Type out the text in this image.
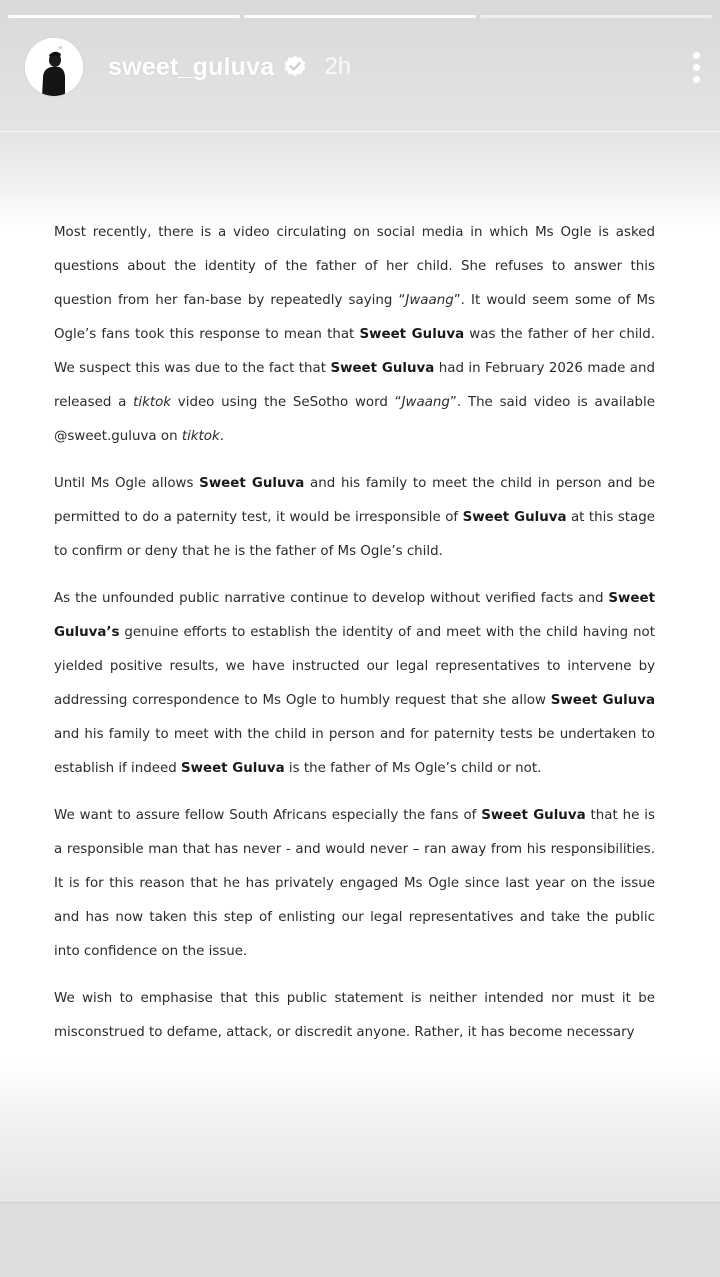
sweet_guluva 2h

Most recently, there is a video circulating on social media in which Ms Ogle is asked questions about the identity of the father of her child. She refuses to answer this question from her fan-base by repeatedly saying “Jwaang”. It would seem some of Ms Ogle’s fans took this response to mean that Sweet Guluva was the father of her child. We suspect this was due to the fact that Sweet Guluva had in February 2026 made and released a tiktok video using the SeSotho word “Jwaang”. The said video is available @sweet.guluva on tiktok.

Until Ms Ogle allows Sweet Guluva and his family to meet the child in person and be permitted to do a paternity test, it would be irresponsible of Sweet Guluva at this stage to confirm or deny that he is the father of Ms Ogle’s child.

As the unfounded public narrative continue to develop without verified facts and Sweet Guluva’s genuine efforts to establish the identity of and meet with the child having not yielded positive results, we have instructed our legal representatives to intervene by addressing correspondence to Ms Ogle to humbly request that she allow Sweet Guluva and his family to meet with the child in person and for paternity tests be undertaken to establish if indeed Sweet Guluva is the father of Ms Ogle’s child or not.

We want to assure fellow South Africans especially the fans of Sweet Guluva that he is a responsible man that has never - and would never – ran away from his responsibilities. It is for this reason that he has privately engaged Ms Ogle since last year on the issue and has now taken this step of enlisting our legal representatives and take the public into confidence on the issue.

We wish to emphasise that this public statement is neither intended nor must it be misconstrued to defame, attack, or discredit anyone. Rather, it has become necessary
